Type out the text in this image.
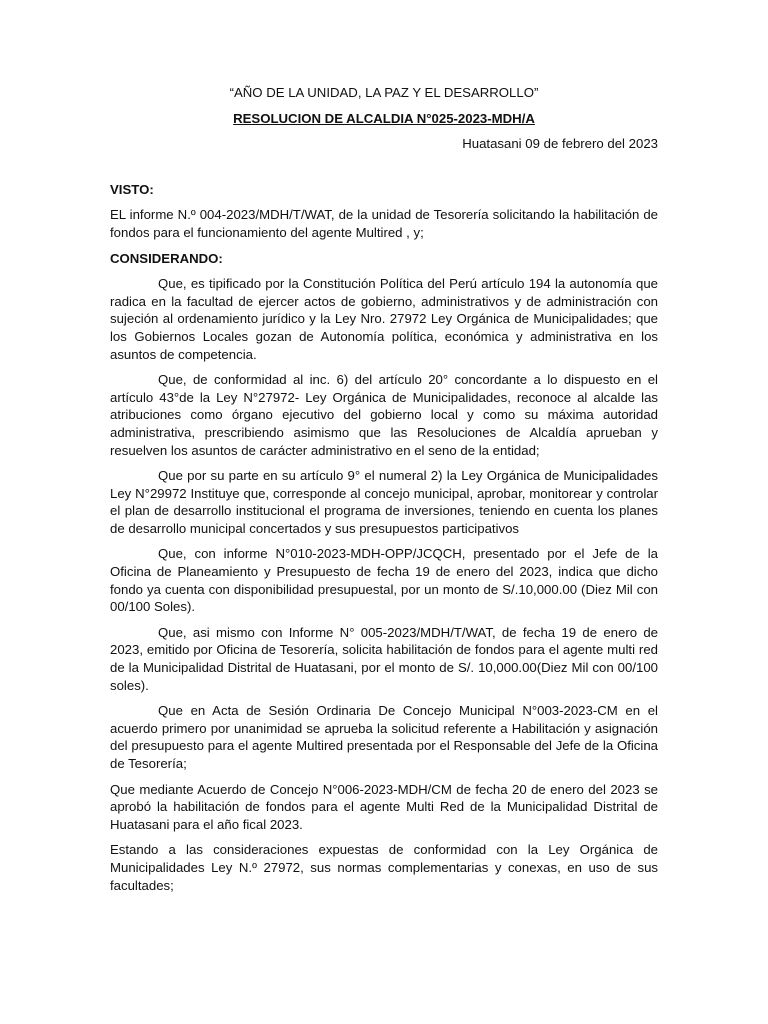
“AÑO DE LA UNIDAD, LA PAZ Y EL DESARROLLO”
RESOLUCION DE ALCALDIA N°025-2023-MDH/A
Huatasani 09 de febrero del 2023
VISTO:

EL informe N.º 004-2023/MDH/T/WAT, de la unidad de Tesorería solicitando la habilitación de fondos para el funcionamiento del agente Multired , y;

CONSIDERANDO:

Que, es tipificado por la Constitución Política del Perú artículo 194 la autonomía que radica en la facultad de ejercer actos de gobierno, administrativos y de administración con sujeción al ordenamiento jurídico y la Ley Nro. 27972 Ley Orgánica de Municipalidades; que los Gobiernos Locales gozan de Autonomía política, económica y administrativa en los asuntos de competencia.

Que, de conformidad al inc. 6) del artículo 20° concordante a lo dispuesto en el artículo 43°de la Ley N°27972- Ley Orgánica de Municipalidades, reconoce al alcalde las atribuciones como órgano ejecutivo del gobierno local y como su máxima autoridad administrativa, prescribiendo asimismo que las Resoluciones de Alcaldía aprueban y resuelven los asuntos de carácter administrativo en el seno de la entidad;

Que por su parte en su artículo 9° el numeral 2) la Ley Orgánica de Municipalidades Ley N°29972 Instituye que, corresponde al concejo municipal, aprobar, monitorear y controlar el plan de desarrollo institucional el programa de inversiones, teniendo en cuenta los planes de desarrollo municipal concertados y sus presupuestos participativos

Que, con informe N°010-2023-MDH-OPP/JCQCH, presentado por el Jefe de la Oficina de Planeamiento y Presupuesto de fecha 19 de enero del 2023, indica que dicho fondo ya cuenta con disponibilidad presupuestal, por un monto de S/.10,000.00 (Diez Mil con 00/100 Soles).

Que, asi mismo con Informe N° 005-2023/MDH/T/WAT, de fecha 19 de enero de 2023, emitido por Oficina de Tesorería, solicita habilitación de fondos para el agente multi red de la Municipalidad Distrital de Huatasani, por el monto de S/. 10,000.00(Diez Mil con 00/100 soles).

Que en Acta de Sesión Ordinaria De Concejo Municipal N°003-2023-CM en el acuerdo primero por unanimidad se aprueba la solicitud referente a Habilitación y asignación del presupuesto para el agente Multired presentada por el Responsable del Jefe de la Oficina de Tesorería;

Que mediante Acuerdo de Concejo N°006-2023-MDH/CM de fecha 20 de enero del 2023 se aprobó la habilitación de fondos para el agente Multi Red de la Municipalidad Distrital de Huatasani para el año fical 2023.

Estando a las consideraciones expuestas de conformidad con la Ley Orgánica de Municipalidades Ley N.º 27972, sus normas complementarias y conexas, en uso de sus facultades;
